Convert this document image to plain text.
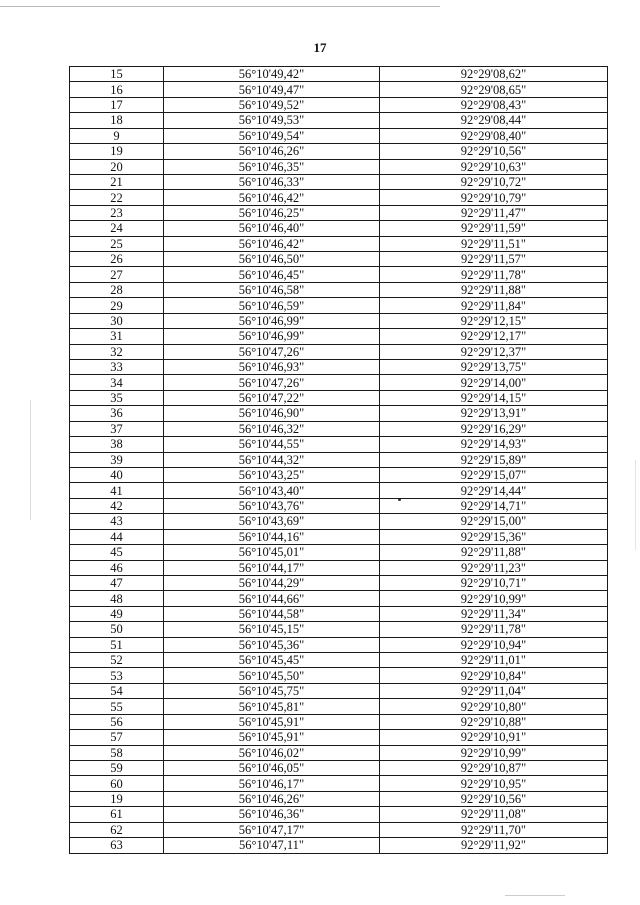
17
15	56°10'49,42"	92°29'08,62"
16	56°10'49,47"	92°29'08,65"
17	56°10'49,52"	92°29'08,43"
18	56°10'49,53"	92°29'08,44"
9	56°10'49,54"	92°29'08,40"
19	56°10'46,26"	92°29'10,56"
20	56°10'46,35"	92°29'10,63"
21	56°10'46,33"	92°29'10,72"
22	56°10'46,42"	92°29'10,79"
23	56°10'46,25"	92°29'11,47"
24	56°10'46,40"	92°29'11,59"
25	56°10'46,42"	92°29'11,51"
26	56°10'46,50"	92°29'11,57"
27	56°10'46,45"	92°29'11,78"
28	56°10'46,58"	92°29'11,88"
29	56°10'46,59"	92°29'11,84"
30	56°10'46,99"	92°29'12,15"
31	56°10'46,99"	92°29'12,17"
32	56°10'47,26"	92°29'12,37"
33	56°10'46,93"	92°29'13,75"
34	56°10'47,26"	92°29'14,00"
35	56°10'47,22"	92°29'14,15"
36	56°10'46,90"	92°29'13,91"
37	56°10'46,32"	92°29'16,29"
38	56°10'44,55"	92°29'14,93"
39	56°10'44,32"	92°29'15,89"
40	56°10'43,25"	92°29'15,07"
41	56°10'43,40"	92°29'14,44"
42	56°10'43,76"	92°29'14,71"
43	56°10'43,69"	92°29'15,00"
44	56°10'44,16"	92°29'15,36"
45	56°10'45,01"	92°29'11,88"
46	56°10'44,17"	92°29'11,23"
47	56°10'44,29"	92°29'10,71"
48	56°10'44,66"	92°29'10,99"
49	56°10'44,58"	92°29'11,34"
50	56°10'45,15"	92°29'11,78"
51	56°10'45,36"	92°29'10,94"
52	56°10'45,45"	92°29'11,01"
53	56°10'45,50"	92°29'10,84"
54	56°10'45,75"	92°29'11,04"
55	56°10'45,81"	92°29'10,80"
56	56°10'45,91"	92°29'10,88"
57	56°10'45,91"	92°29'10,91"
58	56°10'46,02"	92°29'10,99"
59	56°10'46,05"	92°29'10,87"
60	56°10'46,17"	92°29'10,95"
19	56°10'46,26"	92°29'10,56"
61	56°10'46,36"	92°29'11,08"
62	56°10'47,17"	92°29'11,70"
63	56°10'47,11"	92°29'11,92"
